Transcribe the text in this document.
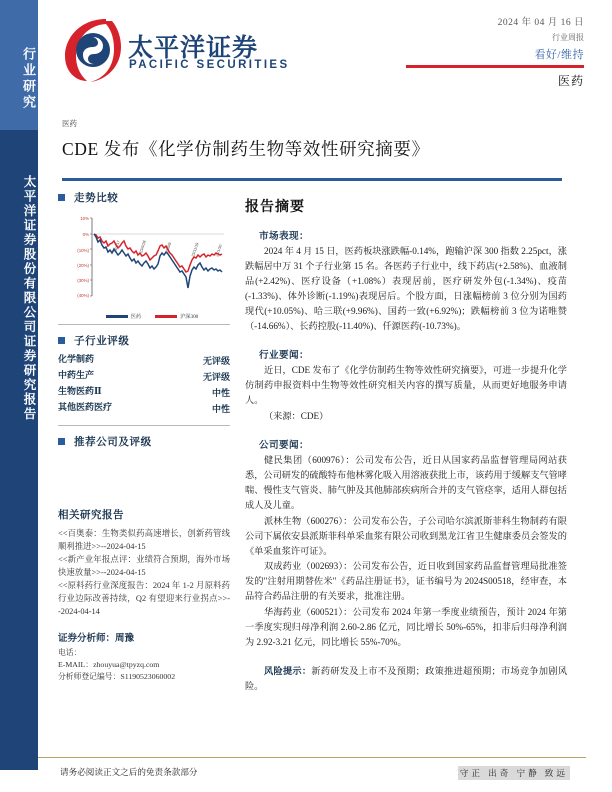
行业研究
太平洋证券股份有限公司证券研究报告
太平洋证券
PACIFIC SECURITIES
2024 年 04 月 16 日
行业周报
看好/维持
医药
医药
CDE 发布《化学仿制药生物等效性研究摘要》
走势比较
10%
0%
(10%)
(20%)
(30%)
(40%)
23/4/17	23/6/28	23/9/8	23/11/19	24/1/30
医药	沪深300
子行业评级
化学制药	无评级
中药生产	无评级
生物医药Ⅱ	中性
其他医药医疗	中性
推荐公司及评级
相关研究报告
<<百奥泰：生物类似药高速增长，创新药管线顺利推进>>--2024-04-15
<<新产业年报点评：业绩符合预期，海外市场快速放量>>--2024-04-15
<<原料药行业深度报告：2024 年 1-2 月原料药行业边际改善持续，Q2 有望迎来行业拐点>>--2024-04-14
证券分析师：周豫
电话：
E-MAIL：zhouyua@tpyzq.com
分析师登记编号：S1190523060002
报告摘要
市场表现：
2024 年 4 月 15 日，医药板块涨跌幅-0.14%，跑输沪深 300 指数 2.25pct，涨跌幅居中万 31 个子行业第 15 名。各医药子行业中，线下药店(+2.58%)、血液制品(+2.42%)、医疗设备（+1.08%）表现居前，医疗研发外包(-1.34%)、疫苗(-1.33%)、体外诊断(-1.19%)表现居后。个股方面，日涨幅榜前 3 位分别为国药现代(+10.05%)、哈三联(+9.96%)、国药一致(+6.92%)；跌幅榜前 3 位为诺唯赞（-14.66%）、长药控股(-11.40%)、仟源医药(-10.73%)。
行业要闻：
近日，CDE 发布了《化学仿制药生物等效性研究摘要》，可进一步提升化学仿制药申报资料中生物等效性研究相关内容的撰写质量，从而更好地服务申请人。
（来源：CDE）
公司要闻：
健民集团（600976）：公司发布公告，近日从国家药品监督管理局网站获悉，公司研发的硫酸特布他林雾化吸入用溶液获批上市，该药用于缓解支气管哮喘、慢性支气管炎、肺气肿及其他肺部疾病所合并的支气管痉挛，适用人群包括成人及儿童。
派林生物（600276）：公司发布公告，子公司哈尔滨派斯菲科生物制药有限公司下属依安县派斯菲科单采血浆有限公司收到黑龙江省卫生健康委员会签发的《单采血浆许可证》。
双成药业（002693）：公司发布公告，近日收到国家药品监督管理局批准签发的"注射用期替佐米"《药品注册证书》，证书编号为 2024S00518，经审查，本品符合药品注册的有关要求，批准注册。
华海药业（600521）：公司发布 2024 年第一季度业绩预告，预计 2024 年第一季度实现归母净利润 2.60-2.86 亿元，同比增长 50%-65%，扣非后归母净利润为 2.92-3.21 亿元，同比增长 55%-70%。
风险提示：新药研发及上市不及预期；政策推进超预期；市场竞争加剧风险。
请务必阅读正文之后的免责条款部分	守正 出奇 宁静 致远
